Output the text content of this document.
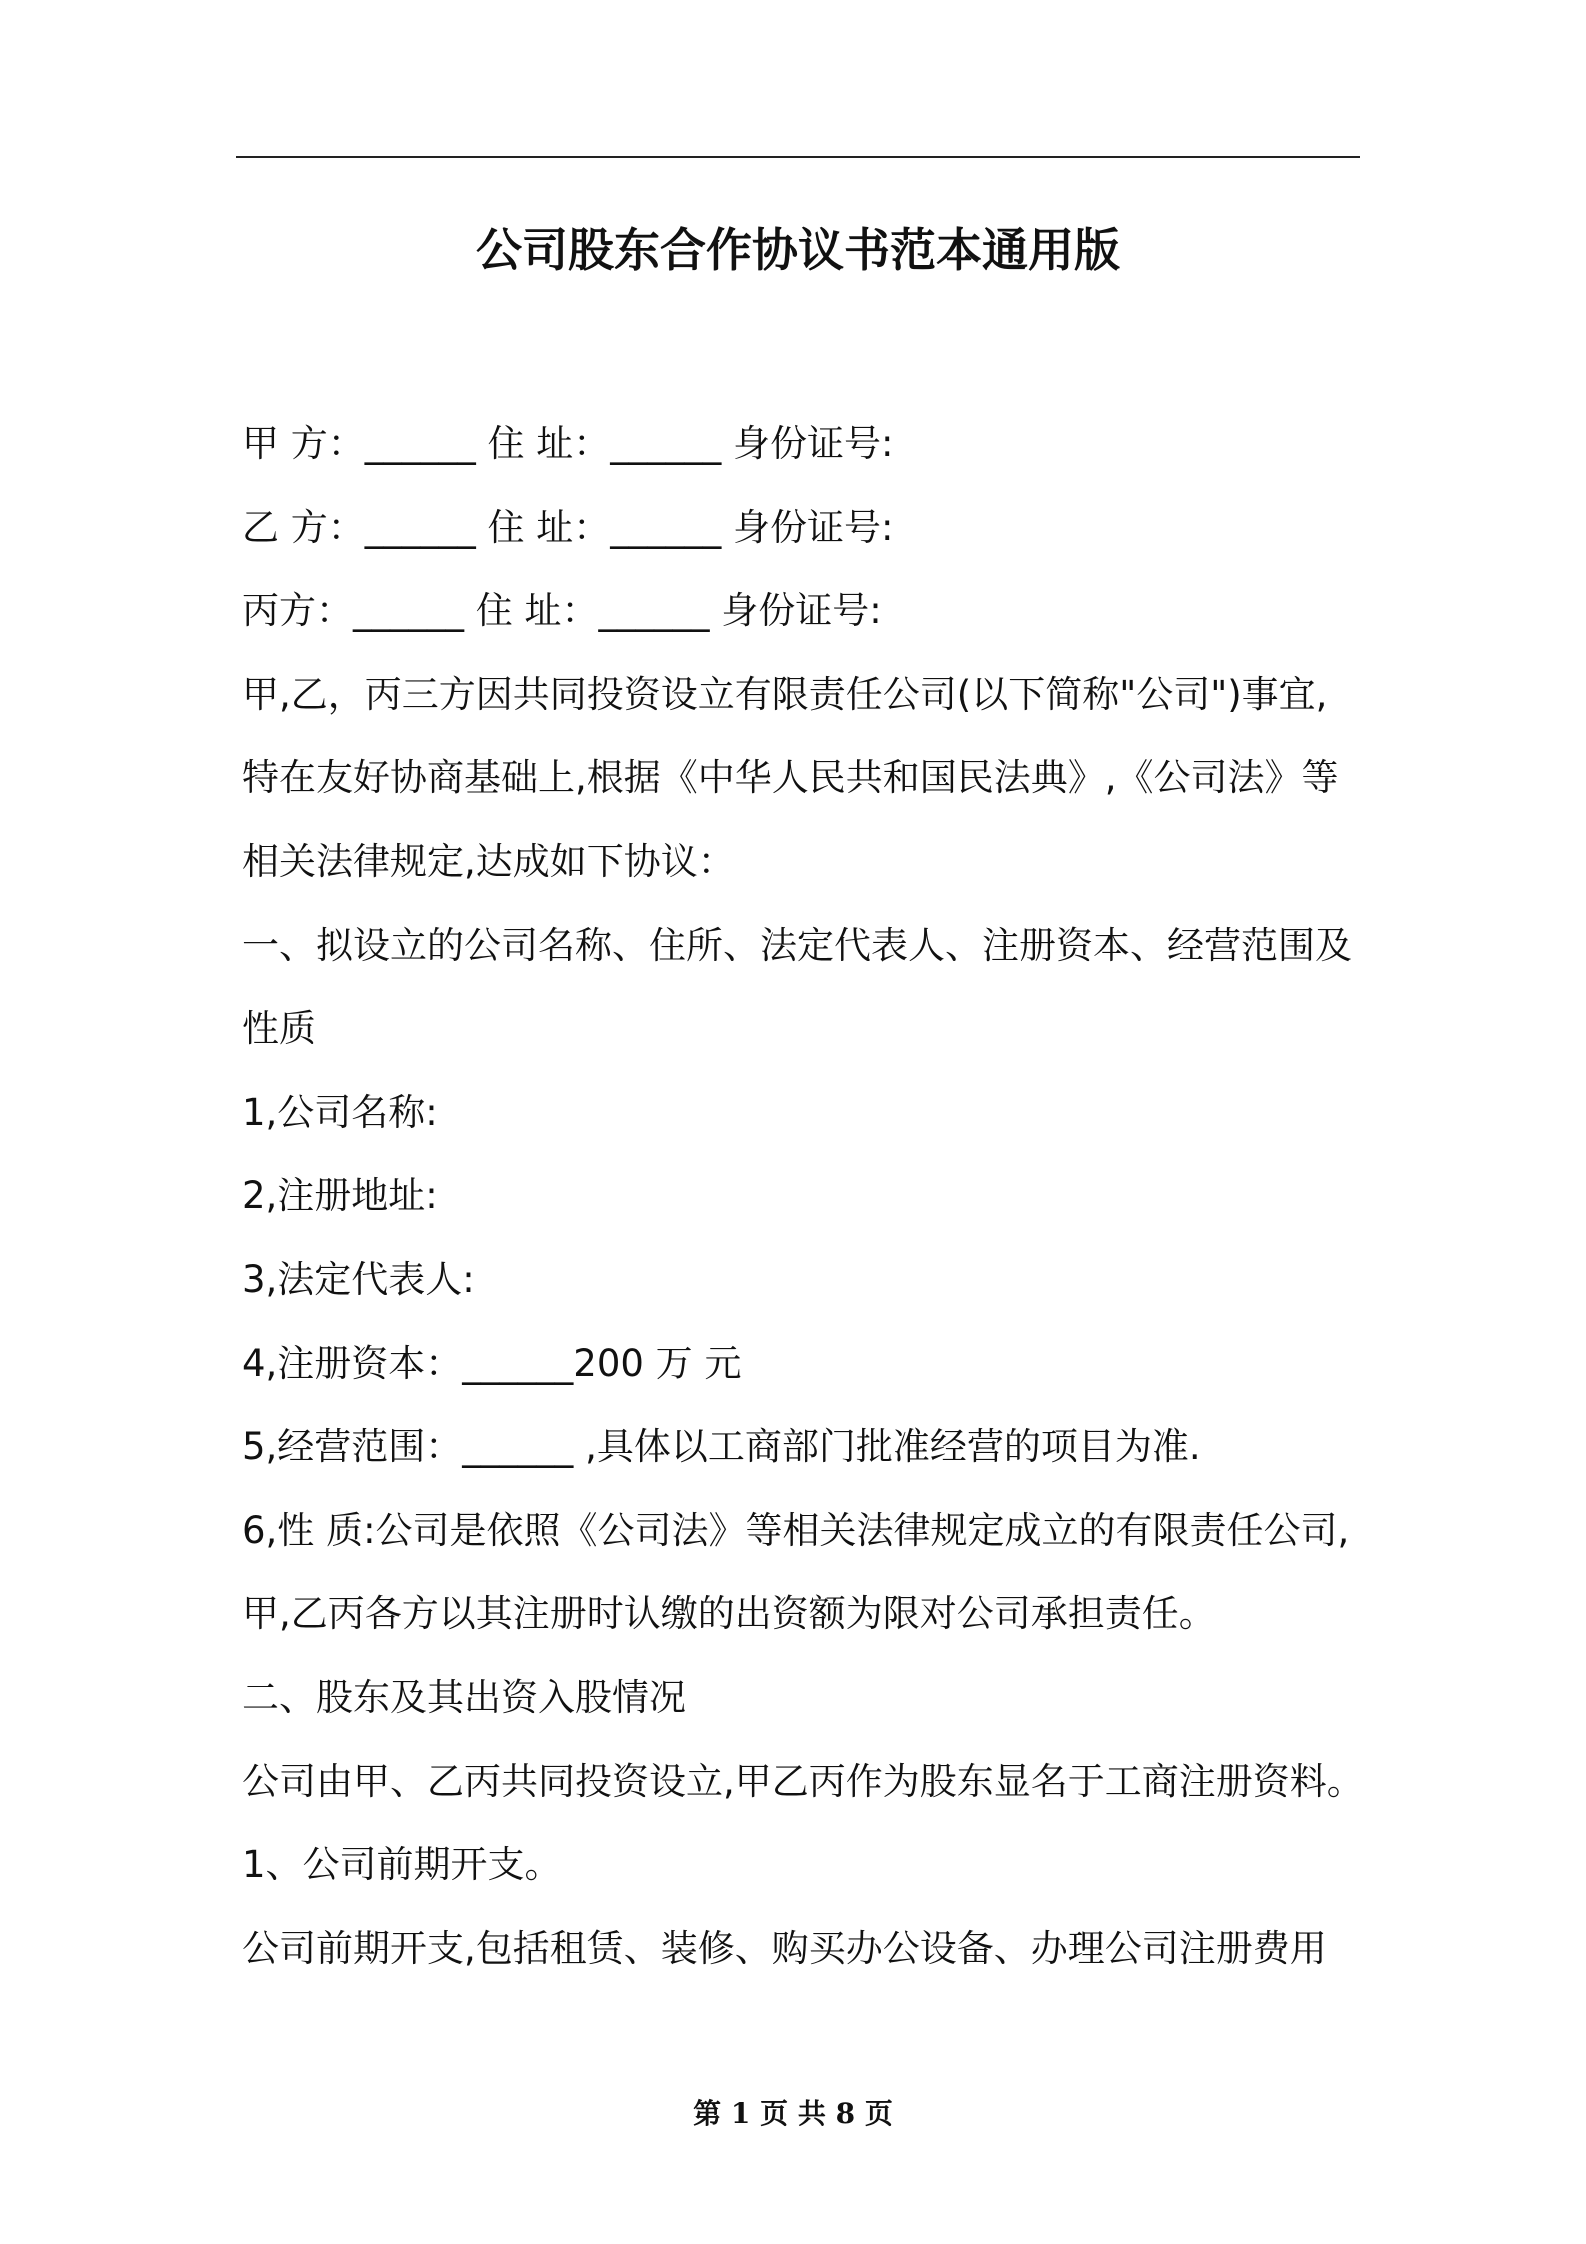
公司股东合作协议书范本通用版
甲 方：______ 住 址：______ 身份证号:
乙 方：______ 住 址：______ 身份证号:
丙方：______ 住 址：______ 身份证号:
甲,乙，丙三方因共同投资设立有限责任公司(以下简称"公司")事宜,
特在友好协商基础上,根据《中华人民共和国民法典》,《公司法》等
相关法律规定,达成如下协议：
一、拟设立的公司名称、住所、法定代表人、注册资本、经营范围及
性质
1,公司名称:
2,注册地址:
3,法定代表人:
4,注册资本：______200 万 元
5,经营范围：______ ,具体以工商部门批准经营的项目为准.
6,性 质:公司是依照《公司法》等相关法律规定成立的有限责任公司,
甲,乙丙各方以其注册时认缴的出资额为限对公司承担责任。
二、股东及其出资入股情况
公司由甲、乙丙共同投资设立,甲乙丙作为股东显名于工商注册资料。
1、公司前期开支。
公司前期开支,包括租赁、装修、购买办公设备、办理公司注册费用
第 1 页 共 8 页
